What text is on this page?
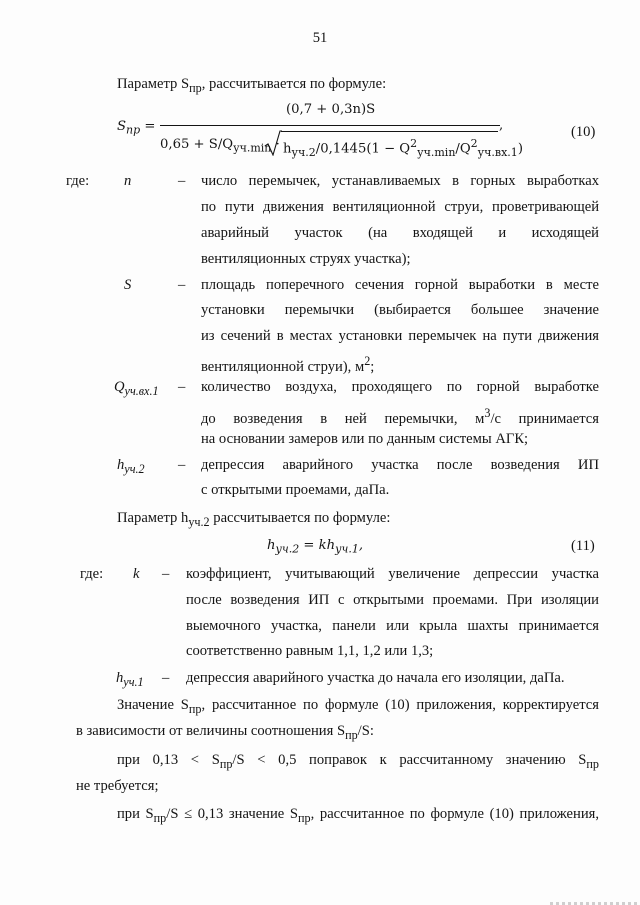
51
Параметр $S_{пр}$, рассчитывается по формуле:
$S_{пр}$ =
(0,7 + 0,3n)S
$0,65 + S/Q_{уч.min} \cdot h_{уч.2}/0,1445(1 - Q^2_{уч.min}/Q^2_{уч.вх.1})$
,	(10)
где: n	– число перемычек, устанавливаемых в горных выработках
по пути движения вентиляционной струи, проветривающей
аварийный участок (на входящей и исходящей
вентиляционных струях участка);
S	– площадь поперечного сечения горной выработки в месте
установки перемычки (выбирается большее значение
из сечений в местах установки перемычек на пути движения
вентиляционной струи), $м^2$;
$Q_{уч.вх.1}$ – количество воздуха, проходящего по горной выработке
до возведения в ней перемычки, $м^3/с$ принимается
на основании замеров или по данным системы АГК;
$h_{уч.2}$ – депрессия аварийного участка после возведения ИП
с открытыми проемами, даПа.
Параметр $h_{уч.2}$ рассчитывается по формуле:
$h_{уч.2} = kh_{уч.1}$,	(11)
где: k – коэффициент, учитывающий увеличение депрессии участка
после возведения ИП с открытыми проемами. При изоляции
выемочного участка, панели или крыла шахты принимается
соответственно равным 1,1, 1,2 или 1,3;
$h_{уч.1}$ – депрессия аварийного участка до начала его изоляции, даПа.
Значение $S_{пр}$, рассчитанное по формуле (10) приложения, корректируется
в зависимости от величины соотношения $S_{пр}/S$:
при $0,13 < S_{пр}/S < 0,5$ поправок к рассчитанному значению $S_{пр}$
не требуется;
при $S_{пр}/S \le 0,13$ значение $S_{пр}$, рассчитанное по формуле (10) приложения,
